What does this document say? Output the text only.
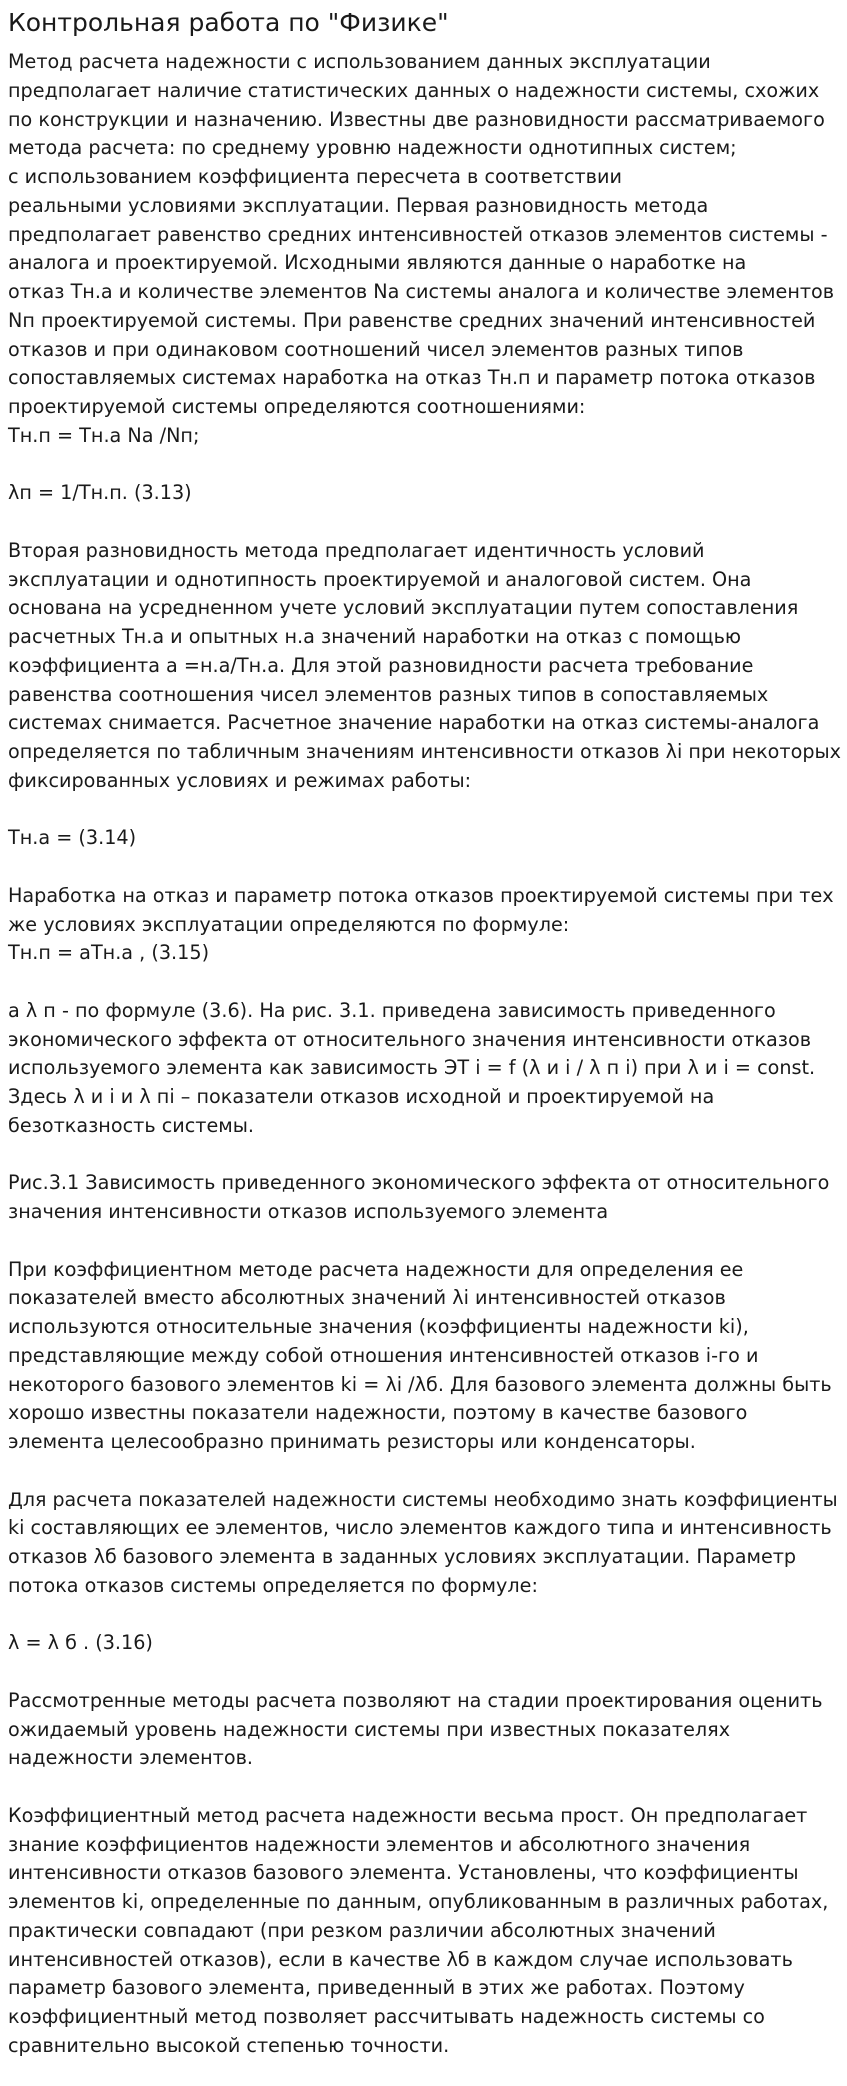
Контрольная работа по "Физике"
Метод расчета надежности с использованием данных эксплуатации
предполагает наличие статистических данных о надежности системы, схожих
по конструкции и назначению. Известны две разновидности рассматриваемого
метода расчета: по среднему уровню надежности однотипных систем;
с использованием коэффициента пересчета в соответствии
реальными условиями эксплуатации. Первая разновидность метода
предполагает равенство средних интенсивностей отказов элементов системы -
аналога и проектируемой. Исходными являются данные о наработке на
отказ Тн.а и количестве элементов Nа системы аналога и количестве элементов
Nп проектируемой системы. При равенстве средних значений интенсивностей
отказов и при одинаковом соотношений чисел элементов разных типов
сопоставляемых системах наработка на отказ Тн.п и параметр потока отказов
проектируемой системы определяются соотношениями:
Тн.п = Тн.а Nа /Nп;
λп = 1/Тн.п. (3.13)
Вторая разновидность метода предполагает идентичность условий
эксплуатации и однотипность проектируемой и аналоговой систем. Она
основана на усредненном учете условий эксплуатации путем сопоставления
расчетных Тн.а и опытных н.а значений наработки на отказ с помощью
коэффициента а =н.а/Тн.а. Для этой разновидности расчета требование
равенства соотношения чисел элементов разных типов в сопоставляемых
системах снимается. Расчетное значение наработки на отказ системы-аналога
определяется по табличным значениям интенсивности отказов λi при некоторых
фиксированных условиях и режимах работы:
Тн.а = (3.14)
Наработка на отказ и параметр потока отказов проектируемой системы при тех
же условиях эксплуатации определяются по формуле:
Тн.п = аТн.а , (3.15)
а λ п - по формуле (3.6). На рис. 3.1. приведена зависимость приведенного
экономического эффекта от относительного значения интенсивности отказов
используемого элемента как зависимость ЭТ i = f (λ и i / λ п i) при λ и i = const.
Здесь λ и i и λ пi – показатели отказов исходной и проектируемой на
безотказность системы.
Рис.3.1 Зависимость приведенного экономического эффекта от относительного
значения интенсивности отказов используемого элемента
При коэффициентном методе расчета надежности для определения ее
показателей вместо абсолютных значений λi интенсивностей отказов
используются относительные значения (коэффициенты надежности ki),
представляющие между собой отношения интенсивностей отказов i-го и
некоторого базового элементов ki = λi /λб. Для базового элемента должны быть
хорошо известны показатели надежности, поэтому в качестве базового
элемента целесообразно принимать резисторы или конденсаторы.
Для расчета показателей надежности системы необходимо знать коэффициенты
ki составляющих ее элементов, число элементов каждого типа и интенсивность
отказов λб базового элемента в заданных условиях эксплуатации. Параметр
потока отказов системы определяется по формуле:
λ = λ б . (3.16)
Рассмотренные методы расчета позволяют на стадии проектирования оценить
ожидаемый уровень надежности системы при известных показателях
надежности элементов.
Коэффициентный метод расчета надежности весьма прост. Он предполагает
знание коэффициентов надежности элементов и абсолютного значения
интенсивности отказов базового элемента. Установлены, что коэффициенты
элементов ki, определенные по данным, опубликованным в различных работах,
практически совпадают (при резком различии абсолютных значений
интенсивностей отказов), если в качестве λб в каждом случае использовать
параметр базового элемента, приведенный в этих же работах. Поэтому
коэффициентный метод позволяет рассчитывать надежность системы со
сравнительно высокой степенью точности.
